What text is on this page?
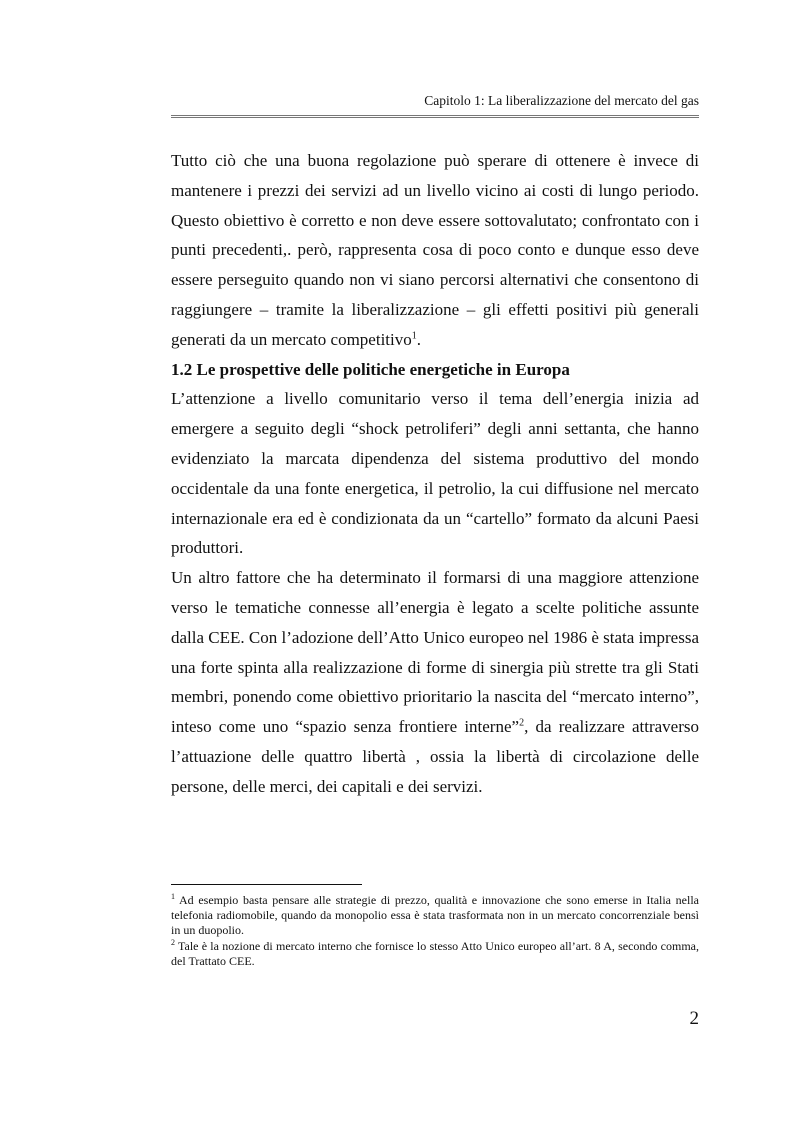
Capitolo 1: La liberalizzazione del mercato del gas

Tutto ciò che una buona regolazione può sperare di ottenere è invece di mantenere i prezzi dei servizi ad un livello vicino ai costi di lungo periodo. Questo obiettivo è corretto e non deve essere sottovalutato; confrontato con i punti precedenti,. però, rappresenta cosa di poco conto e dunque esso deve essere perseguito quando non vi siano percorsi alternativi che consentono di raggiungere – tramite la liberalizzazione – gli effetti positivi più generali generati da un mercato competitivo$^1$.

1.2 Le prospettive delle politiche energetiche in Europa

L’attenzione a livello comunitario verso il tema dell’energia inizia ad emergere a seguito degli “shock petroliferi” degli anni settanta, che hanno evidenziato la marcata dipendenza del sistema produttivo del mondo occidentale da una fonte energetica, il petrolio, la cui diffusione nel mercato internazionale era ed è condizionata da un “cartello” formato da alcuni Paesi produttori.

Un altro fattore che ha determinato il formarsi di una maggiore attenzione verso le tematiche connesse all’energia è legato a scelte politiche assunte dalla CEE. Con l’adozione dell’Atto Unico europeo nel 1986 è stata impressa una forte spinta alla realizzazione di forme di sinergia più strette tra gli Stati membri, ponendo come obiettivo prioritario la nascita del “mercato interno”, inteso come uno “spazio senza frontiere interne”$^2$, da realizzare attraverso l’attuazione delle quattro libertà , ossia la libertà di circolazione delle persone, delle merci, dei capitali e dei servizi.

$^1$ Ad esempio basta pensare alle strategie di prezzo, qualità e innovazione che sono emerse in Italia nella telefonia radiomobile, quando da monopolio essa è stata trasformata non in un mercato concorrenziale bensì in un duopolio.

$^2$ Tale è la nozione di mercato interno che fornisce lo stesso Atto Unico europeo all’art. 8 A, secondo comma, del Trattato CEE.

2
